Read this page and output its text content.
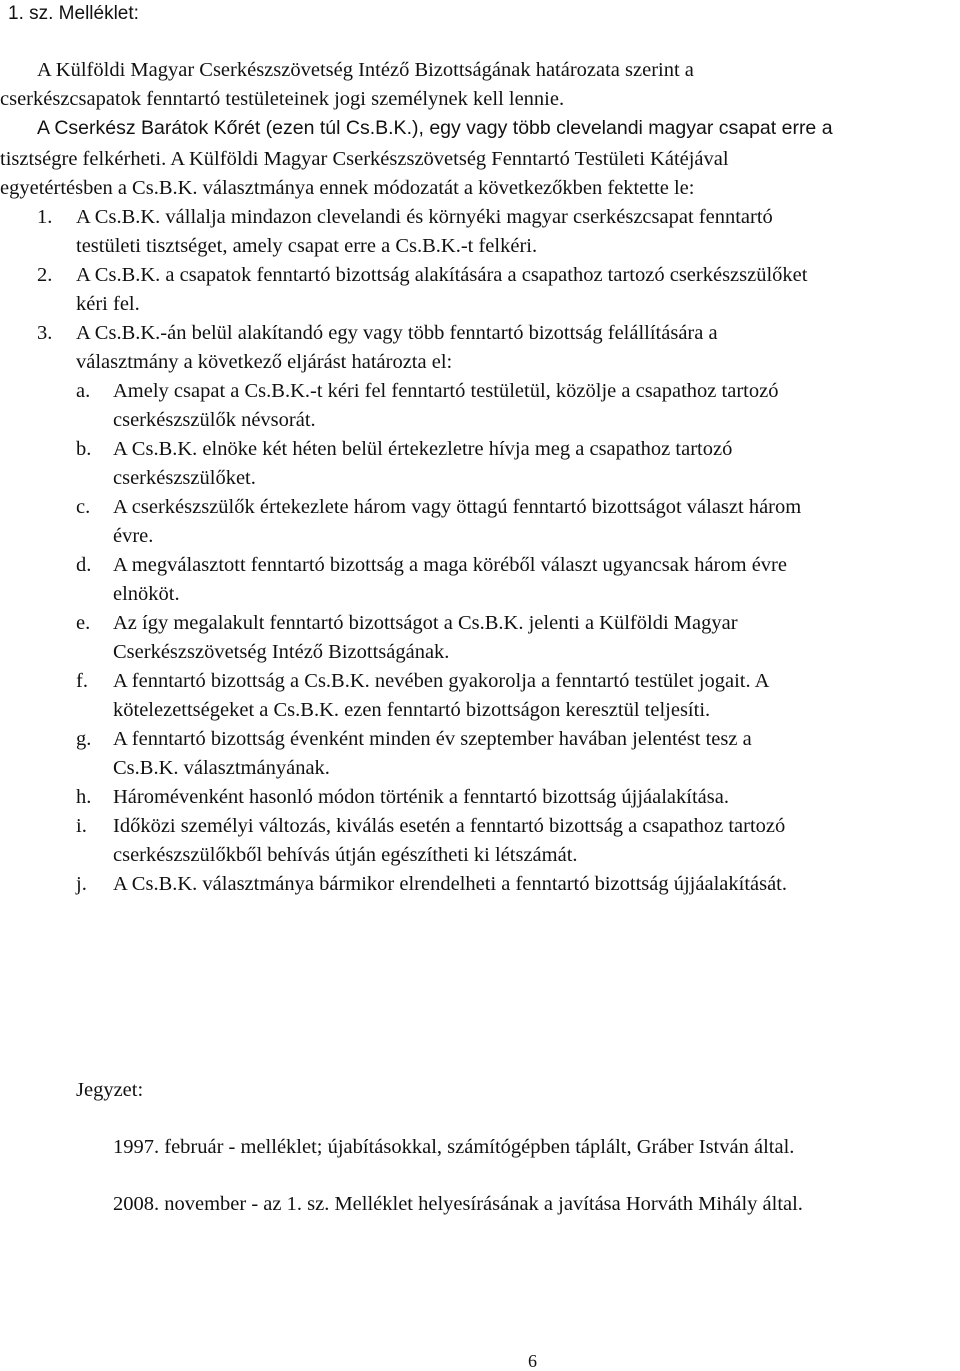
1. sz. Melléklet:
A Külföldi Magyar Cserkészszövetség Intéző Bizottságának határozata szerint a
cserkészcsapatok fenntartó testületeinek jogi személynek kell lennie.
A Cserkész Barátok Kőrét (ezen túl Cs.B.K.), egy vagy több clevelandi magyar csapat erre a
tisztségre felkérheti. A Külföldi Magyar Cserkészszövetség Fenntartó Testületi Kátéjával
egyetértésben a Cs.B.K. választmánya ennek módozatát a következőkben fektette le:
1. A Cs.B.K. vállalja mindazon clevelandi és környéki magyar cserkészcsapat fenntartó
testületi tisztséget, amely csapat erre a Cs.B.K.-t felkéri.
2. A Cs.B.K. a csapatok fenntartó bizottság alakítására a csapathoz tartozó cserkészszülőket
kéri fel.
3. A Cs.B.K.-án belül alakítandó egy vagy több fenntartó bizottság felállítására a
választmány a következő eljárást határozta el:
a. Amely csapat a Cs.B.K.-t kéri fel fenntartó testületül, közölje a csapathoz tartozó
cserkészszülők névsorát.
b. A Cs.B.K. elnöke két héten belül értekezletre hívja meg a csapathoz tartozó
cserkészszülőket.
c. A cserkészszülők értekezlete három vagy öttagú fenntartó bizottságot választ három
évre.
d. A megválasztott fenntartó bizottság a maga köréből választ ugyancsak három évre
elnököt.
e. Az így megalakult fenntartó bizottságot a Cs.B.K. jelenti a Külföldi Magyar
Cserkészszövetség Intéző Bizottságának.
f. A fenntartó bizottság a Cs.B.K. nevében gyakorolja a fenntartó testület jogait. A
kötelezettségeket a Cs.B.K. ezen fenntartó bizottságon keresztül teljesíti.
g. A fenntartó bizottság évenként minden év szeptember havában jelentést tesz a
Cs.B.K. választmányának.
h. Háromévenként hasonló módon történik a fenntartó bizottság újjáalakítása.
i. Időközi személyi változás, kiválás esetén a fenntartó bizottság a csapathoz tartozó
cserkészszülőkből behívás útján egészítheti ki létszámát.
j. A Cs.B.K. választmánya bármikor elrendelheti a fenntartó bizottság újjáalakítását.
Jegyzet:
1997. február - melléklet; újabításokkal, számítógépben táplált, Gráber István által.
2008. november - az 1. sz. Melléklet helyesírásának a javítása Horváth Mihály által.
6
